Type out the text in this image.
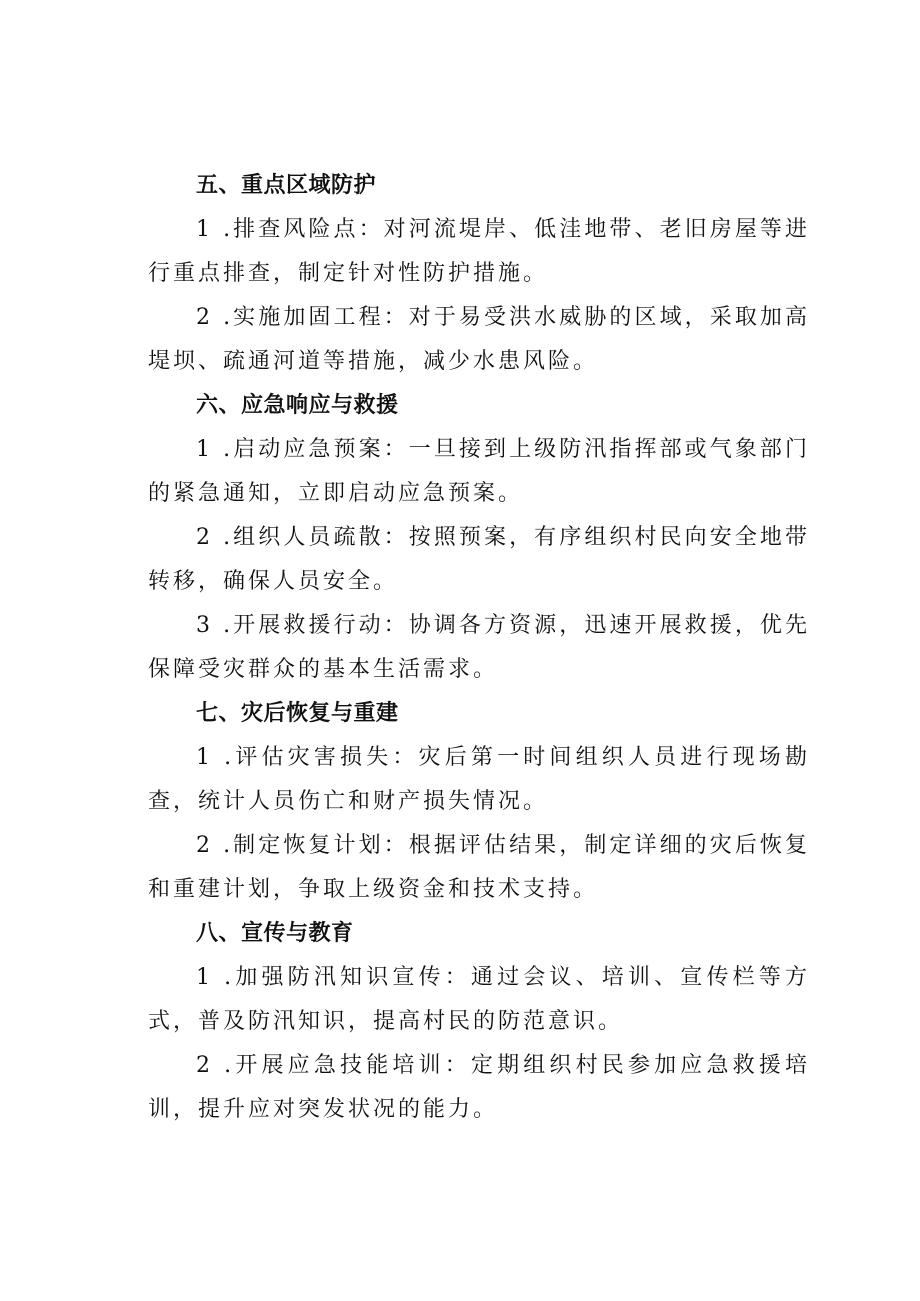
五、重点区域防护

1 .排查风险点：对河流堤岸、低洼地带、老旧房屋等进行重点排查，制定针对性防护措施。

2 .实施加固工程：对于易受洪水威胁的区域，采取加高堤坝、疏通河道等措施，减少水患风险。

六、应急响应与救援

1 .启动应急预案：一旦接到上级防汛指挥部或气象部门的紧急通知，立即启动应急预案。

2 .组织人员疏散：按照预案，有序组织村民向安全地带转移，确保人员安全。

3 .开展救援行动：协调各方资源，迅速开展救援，优先保障受灾群众的基本生活需求。

七、灾后恢复与重建

1 .评估灾害损失：灾后第一时间组织人员进行现场勘查，统计人员伤亡和财产损失情况。

2 .制定恢复计划：根据评估结果，制定详细的灾后恢复和重建计划，争取上级资金和技术支持。

八、宣传与教育

1 .加强防汛知识宣传：通过会议、培训、宣传栏等方式，普及防汛知识，提高村民的防范意识。

2 .开展应急技能培训：定期组织村民参加应急救援培训，提升应对突发状况的能力。
